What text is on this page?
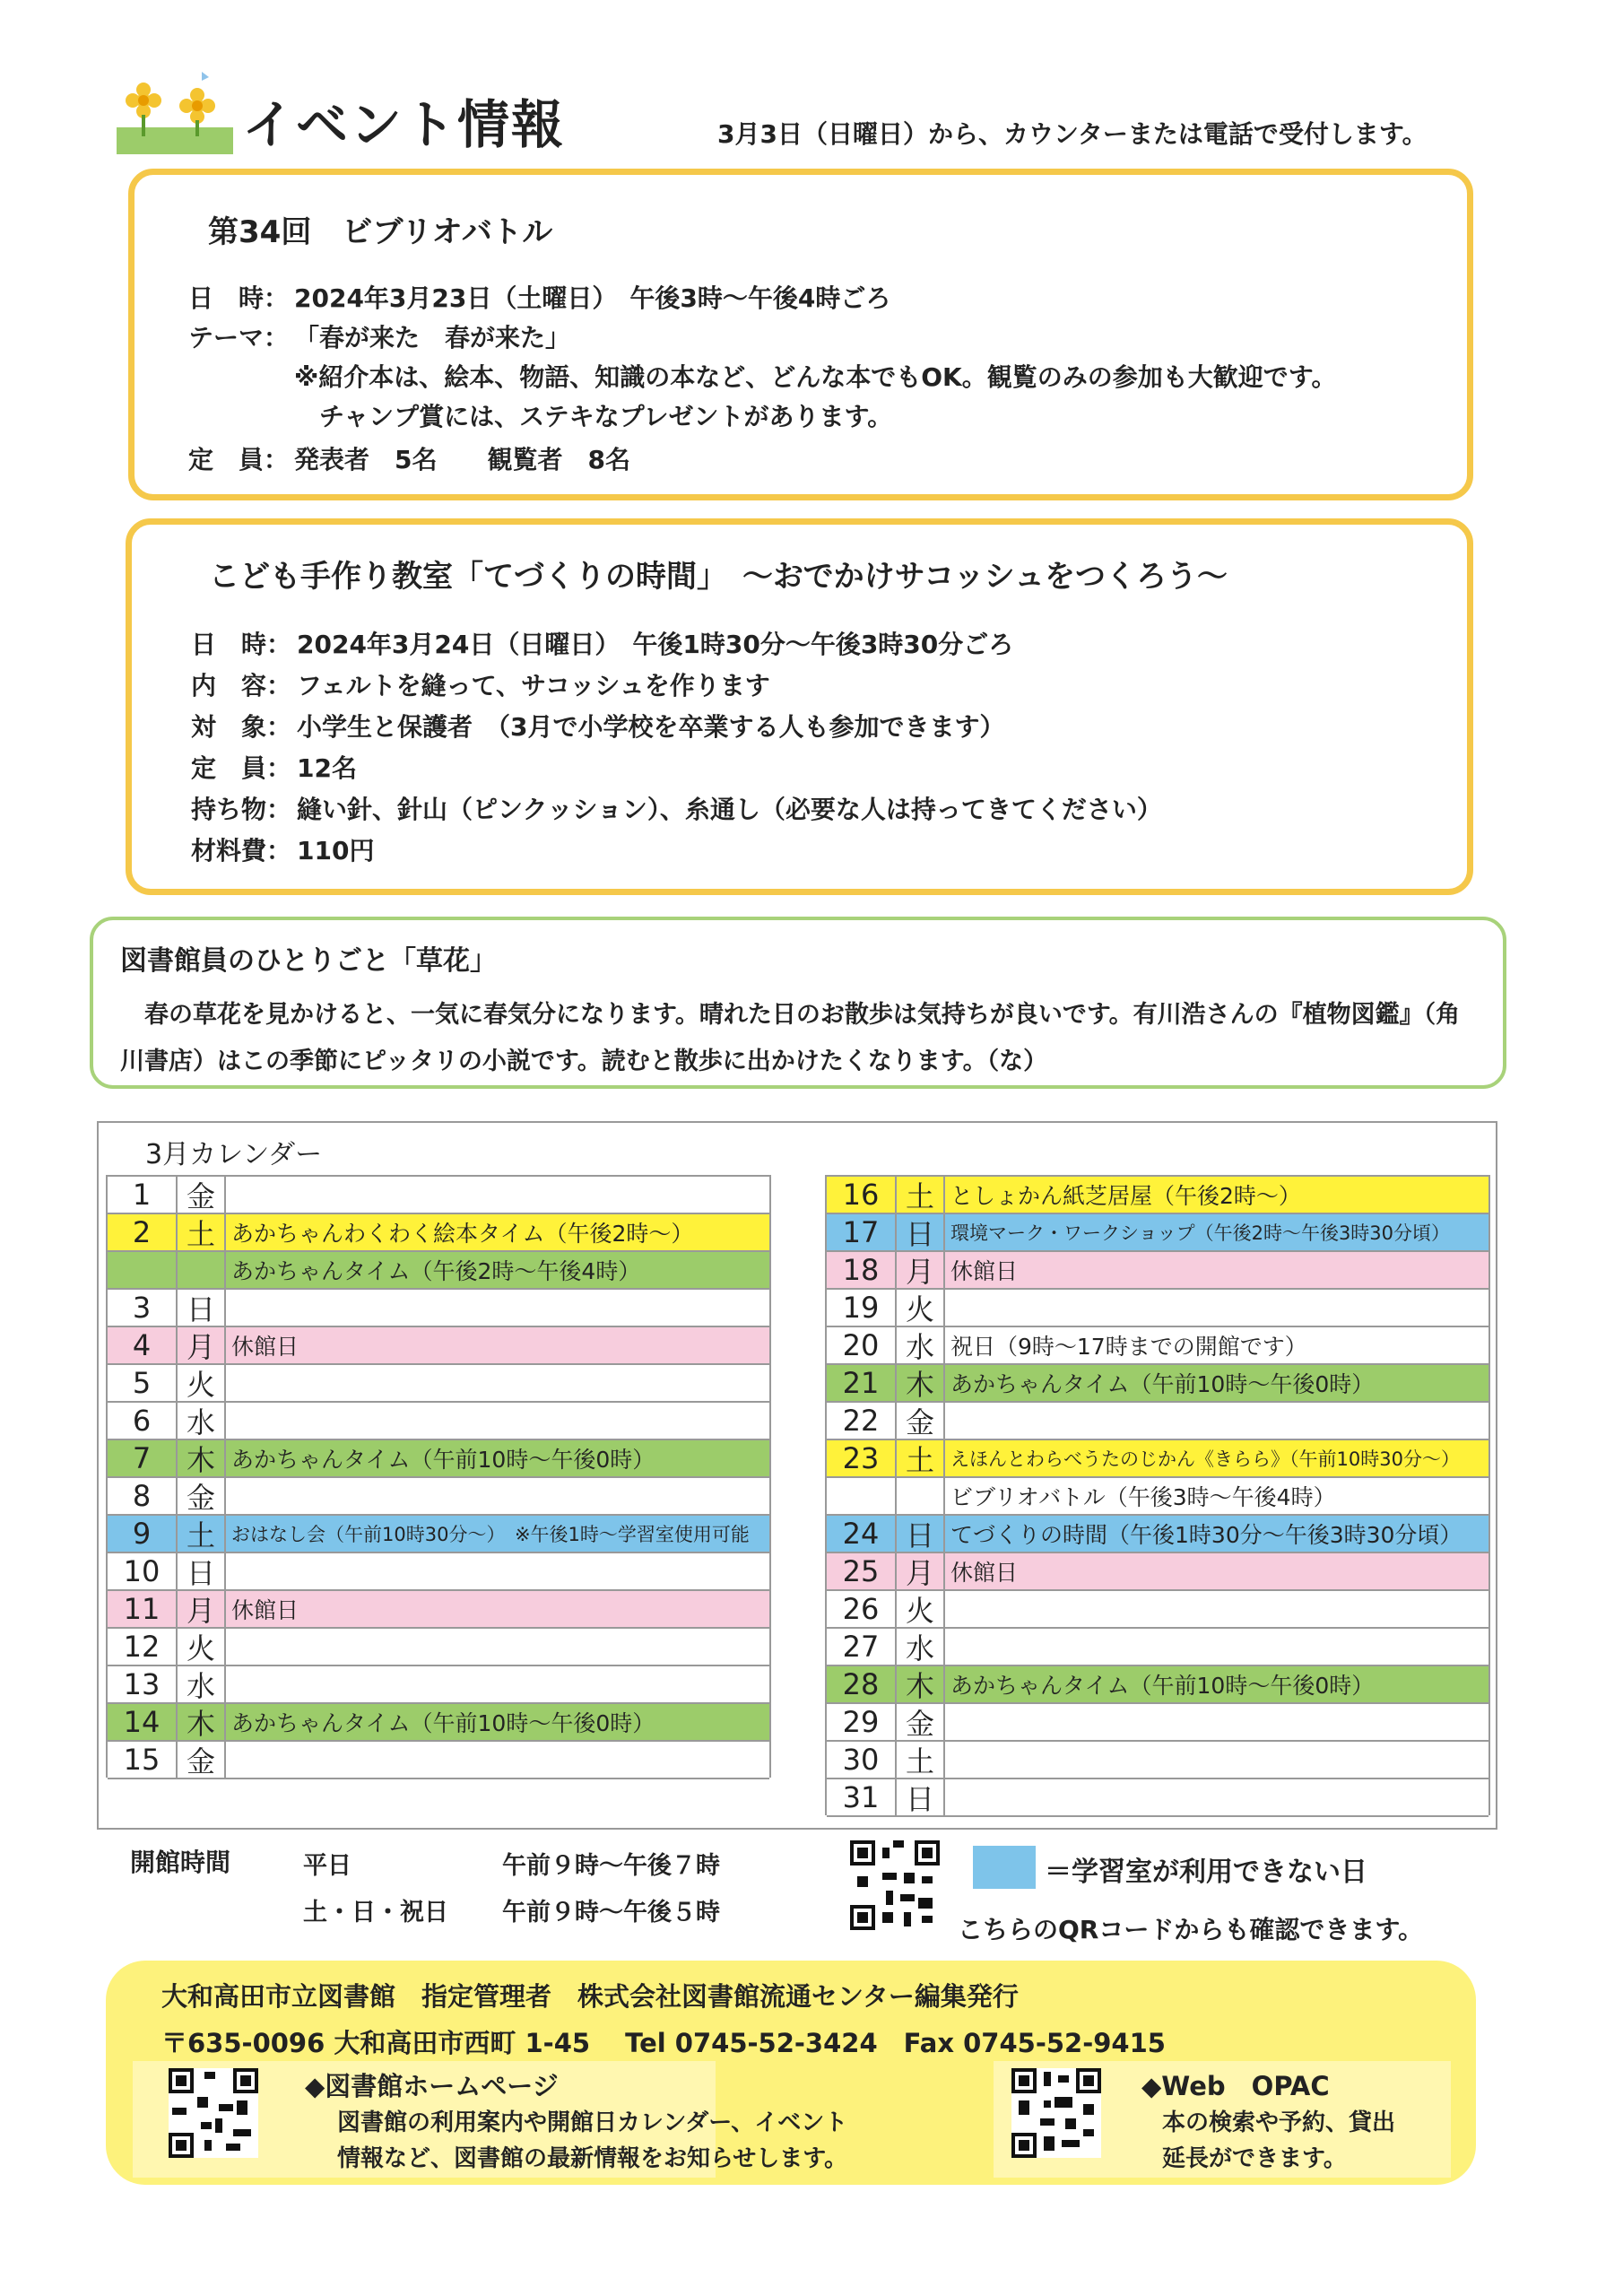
イベント情報	3月3日（日曜日）から、カウンターまたは電話で受付します。
第34回　ビブリオバトル
日　時： 2024年3月23日（土曜日）　午後3時～午後4時ごろ
テーマ： 「春が来た　春が来た」
※紹介本は、絵本、物語、知識の本など、どんな本でもOK。観覧のみの参加も大歓迎です。
　チャンプ賞には、ステキなプレゼントがあります。
定　員： 発表者　5名　　観覧者　8名
こども手作り教室「てづくりの時間」　～おでかけサコッシュをつくろう～
日　時： 2024年3月24日（日曜日）　午後1時30分～午後3時30分ごろ
内　容： フェルトを縫って、サコッシュを作ります
対　象： 小学生と保護者　（3月で小学校を卒業する人も参加できます）
定　員： 12名
持ち物： 縫い針、針山（ピンクッション）、糸通し（必要な人は持ってきてください）
材料費： 110円
図書館員のひとりごと「草花」
　春の草花を見かけると、一気に春気分になります。晴れた日のお散歩は気持ちが良いです。有川浩さんの『植物図鑑』（角川書店）はこの季節にピッタリの小説です。読むと散歩に出かけたくなります。（な）
3月カレンダー
1	金
2	土 あかちゃんわくわく絵本タイム（午後2時～）
あかちゃんタイム（午後2時～午後4時）
3	日
4	月 休館日
5	火
6	水
7	木 あかちゃんタイム（午前10時～午後0時）
8	金
9	土 おはなし会（午前10時30分～）　※午後1時～学習室使用可能
10 日
11 月 休館日
12 火
13 水
14 木 あかちゃんタイム（午前10時～午後0時）
15 金
16 土 としょかん紙芝居屋（午後2時～）
17 日 環境マーク・ワークショップ（午後2時～午後3時30分頃）
18 月 休館日
19 火
20 水 祝日（9時～17時までの開館です）
21 木 あかちゃんタイム（午前10時～午後0時）
22 金
23 土 えほんとわらべうたのじかん《きらら》（午前10時30分～）
ビブリオバトル（午後3時～午後4時）
24 日 てづくりの時間（午後1時30分～午後3時30分頃）
25 月 休館日
26 火
27 水
28 木 あかちゃんタイム（午前10時～午後0時）
29 金
30 土
31 日
開館時間	平日	午前９時～午後７時
土・日・祝日 午前９時～午後５時
＝学習室が利用できない日
こちらのQRコードからも確認できます。
大和高田市立図書館　指定管理者　株式会社図書館流通センター編集発行
〒635-0096 大和高田市西町 1-45　 Tel 0745-52-3424　Fax 0745-52-9415
◆図書館ホームページ
図書館の利用案内や開館日カレンダー、イベント
情報など、図書館の最新情報をお知らせします。
◆Web　OPAC
本の検索や予約、貸出
延長ができます。
